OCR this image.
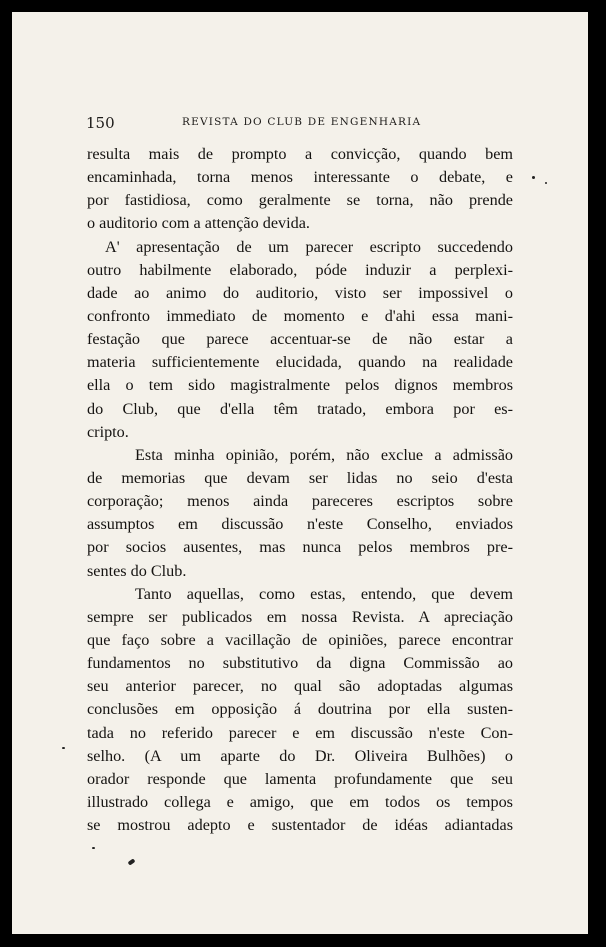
150	REVISTA DO CLUB DE ENGENHARIA
resulta mais de prompto a convicção, quando bem
encaminhada, torna menos interessante o debate, e
por fastidiosa, como geralmente se torna, não prende
o auditorio com a attenção devida.
A' apresentação de um parecer escripto succedendo
outro habilmente elaborado, póde induzir a perplexi-
dade ao animo do auditorio, visto ser impossivel o
confronto immediato de momento e d'ahi essa mani-
festação que parece accentuar-se de não estar a
materia sufficientemente elucidada, quando na realidade
ella o tem sido magistralmente pelos dignos membros
do Club, que d'ella têm tratado, embora por es-
cripto.
Esta minha opinião, porém, não exclue a admissão
de memorias que devam ser lidas no seio d'esta
corporação; menos ainda pareceres escriptos sobre
assumptos em discussão n'este Conselho, enviados
por socios ausentes, mas nunca pelos membros pre-
sentes do Club.
Tanto aquellas, como estas, entendo, que devem
sempre ser publicados em nossa Revista. A apreciação
que faço sobre a vacillação de opiniões, parece encontrar
fundamentos no substitutivo da digna Commissão ao
seu anterior parecer, no qual são adoptadas algumas
conclusões em opposição á doutrina por ella susten-
tada no referido parecer e em discussão n'este Con-
selho. (A um aparte do Dr. Oliveira Bulhões) o
orador responde que lamenta profundamente que seu
illustrado collega e amigo, que em todos os tempos
se mostrou adepto e sustentador de idéas adiantadas
